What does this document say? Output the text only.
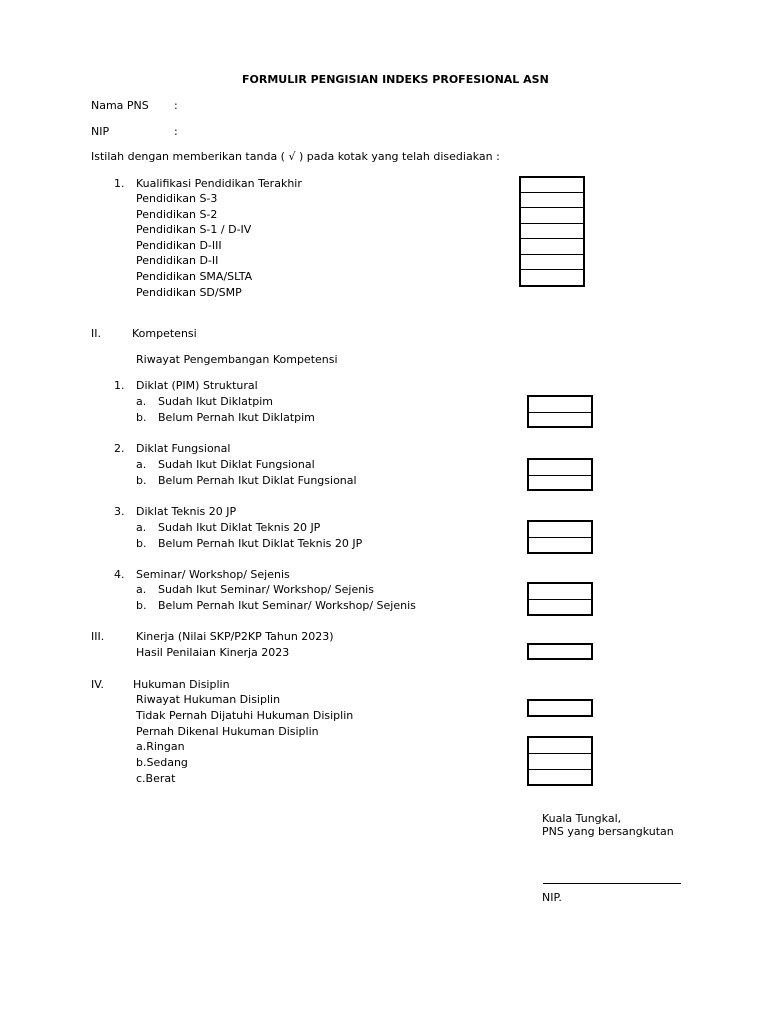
FORMULIR PENGISIAN INDEKS PROFESIONAL ASN
Nama PNS :
NIP	:
Istilah dengan memberikan tanda ( √ ) pada kotak yang telah disediakan :
1. Kualifikasi Pendidikan Terakhir
Pendidikan S-3
Pendidikan S-2
Pendidikan S-1 / D-IV
Pendidikan D-III
Pendidikan D-II
Pendidikan SMA/SLTA
Pendidikan SD/SMP
II.	Kompetensi
Riwayat Pengembangan Kompetensi
1. Diklat (PIM) Struktural
a. Sudah Ikut Diklatpim
b. Belum Pernah Ikut Diklatpim
2. Diklat Fungsional
a. Sudah Ikut Diklat Fungsional
b. Belum Pernah Ikut Diklat Fungsional
3. Diklat Teknis 20 JP
a. Sudah Ikut Diklat Teknis 20 JP
b. Belum Pernah Ikut Diklat Teknis 20 JP
4. Seminar/ Workshop/ Sejenis
a. Sudah Ikut Seminar/ Workshop/ Sejenis
b. Belum Pernah Ikut Seminar/ Workshop/ Sejenis
III.	Kinerja (Nilai SKP/P2KP Tahun 2023)
Hasil Penilaian Kinerja 2023
IV.	Hukuman Disiplin
Riwayat Hukuman Disiplin
Tidak Pernah Dijatuhi Hukuman Disiplin
Pernah Dikenal Hukuman Disiplin
a.Ringan
b.Sedang
c.Berat
Kuala Tungkal,
PNS yang bersangkutan
NIP.
